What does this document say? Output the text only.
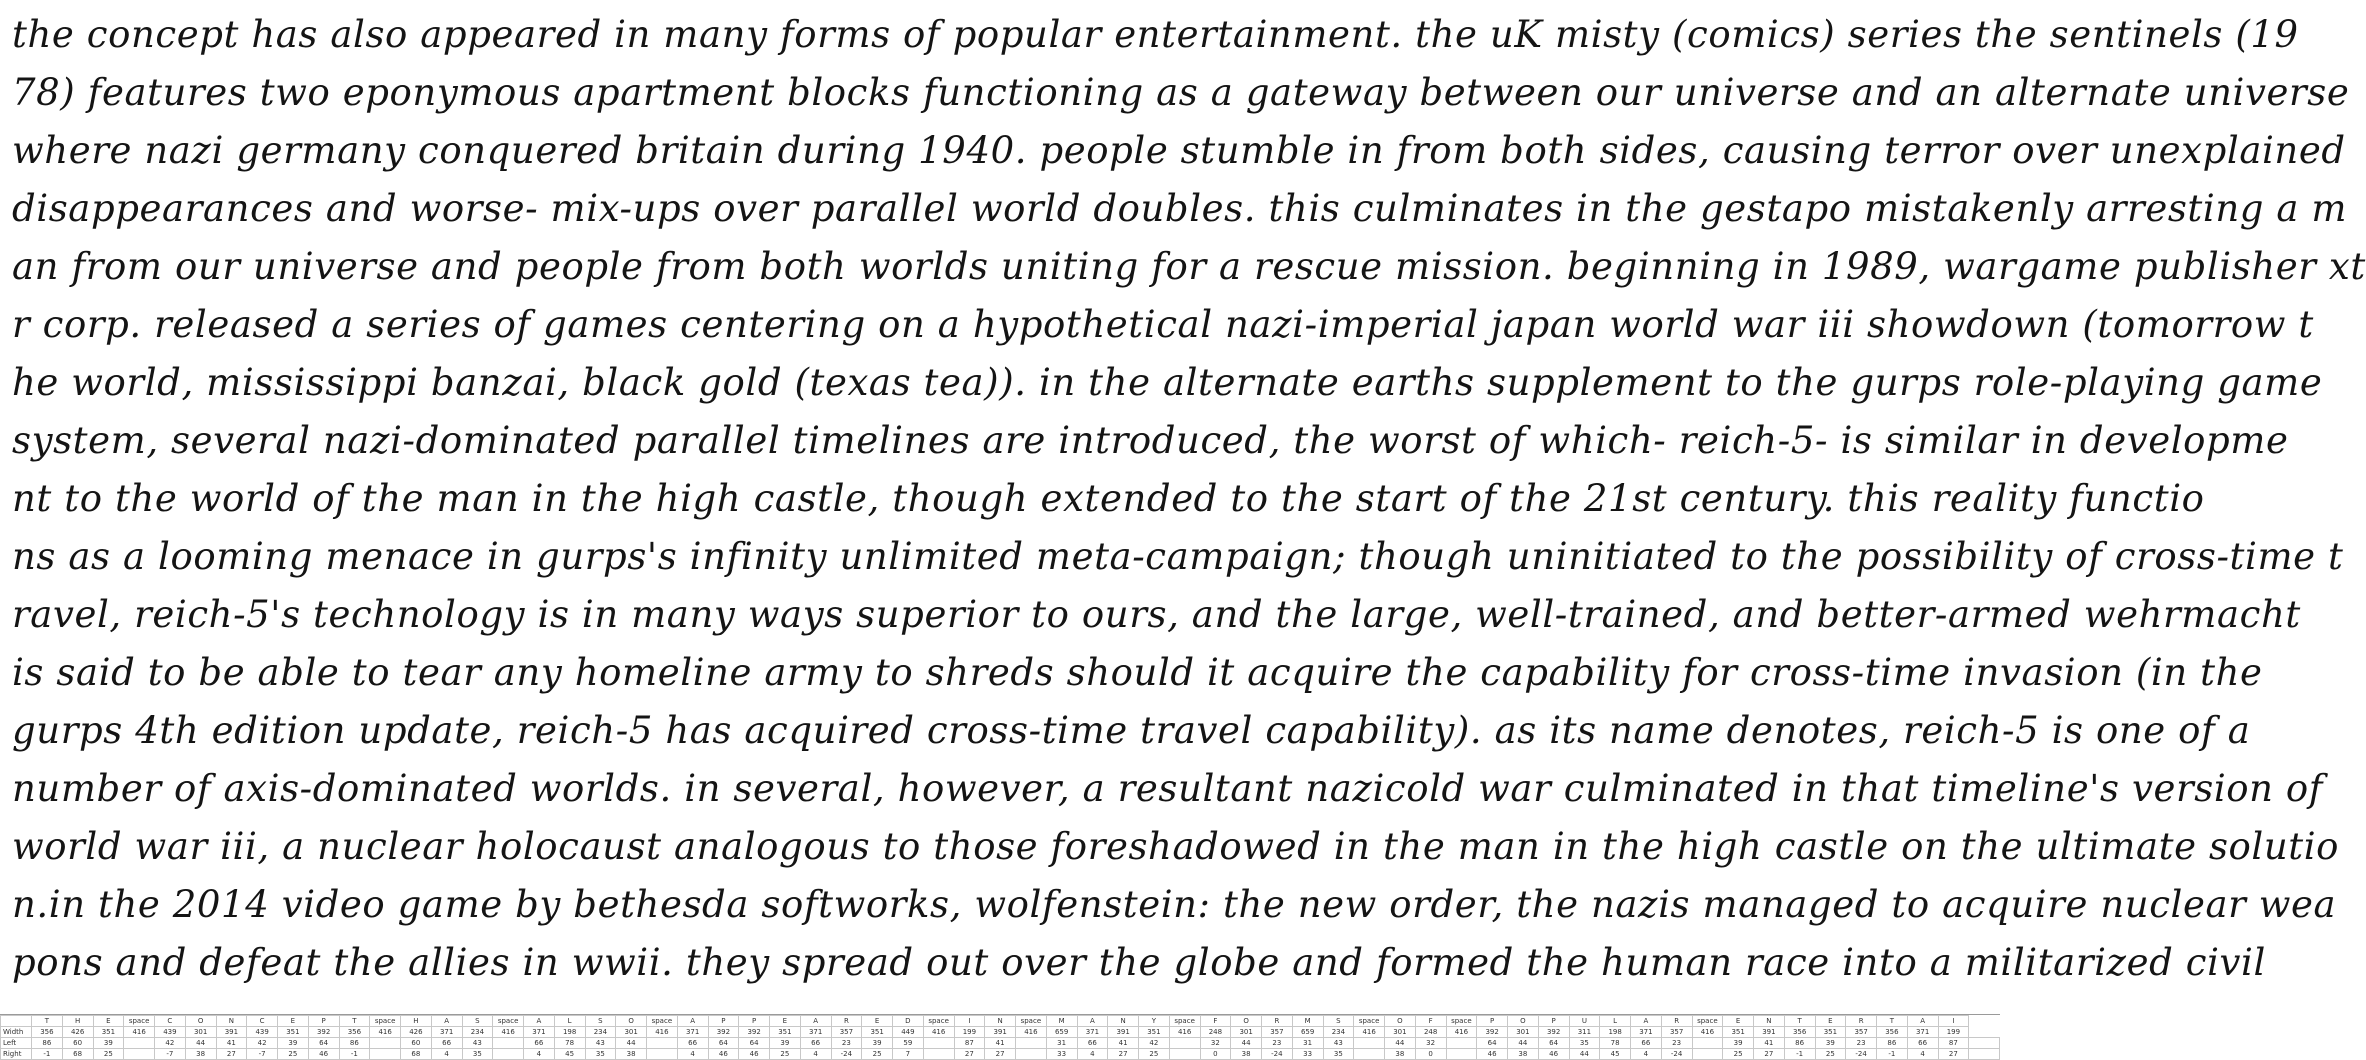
the concept has also appeared in many forms of popular entertainment. the uK misty (comics) series the sentinels (19
78) features two eponymous apartment blocks functioning as a gateway between our universe and an alternate universe
where nazi germany conquered britain during 1940. people stumble in from both sides, causing terror over unexplained
disappearances and worse- mix-ups over parallel world doubles. this culminates in the gestapo mistakenly arresting a m
an from our universe and people from both worlds uniting for a rescue mission. beginning in 1989, wargame publisher xt
r corp. released a series of games centering on a hypothetical nazi-imperial japan world war iii showdown (tomorrow t
he world, mississippi banzai, black gold (texas tea)). in the alternate earths supplement to the gurps role-playing game
system, several nazi-dominated parallel timelines are introduced, the worst of which- reich-5- is similar in developme
nt to the world of the man in the high castle, though extended to the start of the 21st century. this reality functio
ns as a looming menace in gurps's infinity unlimited meta-campaign; though uninitiated to the possibility of cross-time t
ravel, reich-5's technology is in many ways superior to ours, and the large, well-trained, and better-armed wehrmacht
is said to be able to tear any homeline army to shreds should it acquire the capability for cross-time invasion (in the
gurps 4th edition update, reich-5 has acquired cross-time travel capability). as its name denotes, reich-5 is one of a
number of axis-dominated worlds. in several, however, a resultant nazicold war culminated in that timeline's version of
world war iii, a nuclear holocaust analogous to those foreshadowed in the man in the high castle on the ultimate solutio
n.in the 2014 video game by bethesda softworks, wolfenstein: the new order, the nazis managed to acquire nuclear wea
pons and defeat the allies in wwii. they spread out over the globe and formed the human race into a militarized civil
	T	H	E	space	C	O	N	C	E	P	T	space	H	A	S	space	A	L	S	O	space	A	P	P	E	A	R	E	D	space	I	N	space	M	A	N	Y	space	F	O	R	M	S	space	O	F	space	P	O	P	U	L	A	R	space	E	N	T	E	R	T	A	I
Width	356	426	351	416	439	301	391	439	351	392	356	416	426	371	234	416	371	198	234	301	416	371	392	392	351	371	357	351	449	416	199	391	416	659	371	391	351	416	248	301	357	659	234	416	301	248	416	392	301	392	311	198	371	357	416	351	391	356	351	357	356	371	199
Left	86	60	39		42	44	41	42	39	64	86		60	66	43		66	78	43	44		66	64	64	39	66	23	39	59		87	41		31	66	41	42		32	44	23	31	43		44	32		64	44	64	35	78	66	23		39	41	86	39	23	86	66	87	
Right	-1	68	25		-7	38	27	-7	25	46	-1		68	4	35		4	45	35	38		4	46	46	25	4	-24	25	7		27	27		33	4	27	25		0	38	-24	33	35		38	0		46	38	46	44	45	4	-24		25	27	-1	25	-24	-1	4	27	
